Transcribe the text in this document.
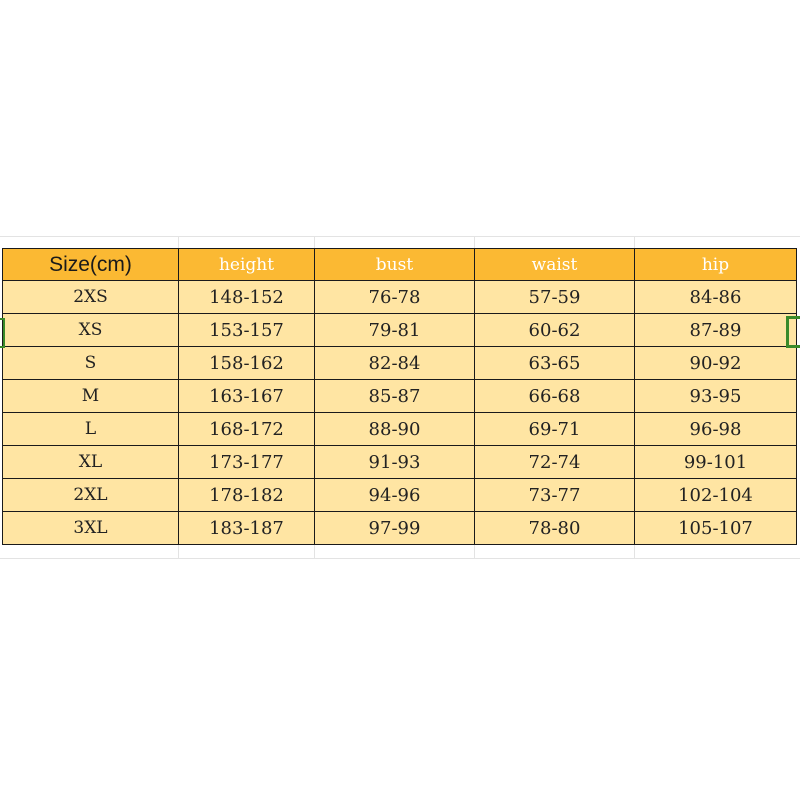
Size(cm)	height	bust	waist	hip
2XS	148-152	76-78	57-59	84-86
XS	153-157	79-81	60-62	87-89
S	158-162	82-84	63-65	90-92
M	163-167	85-87	66-68	93-95
L	168-172	88-90	69-71	96-98
XL	173-177	91-93	72-74	99-101
2XL	178-182	94-96	73-77	102-104
3XL	183-187	97-99	78-80	105-107
